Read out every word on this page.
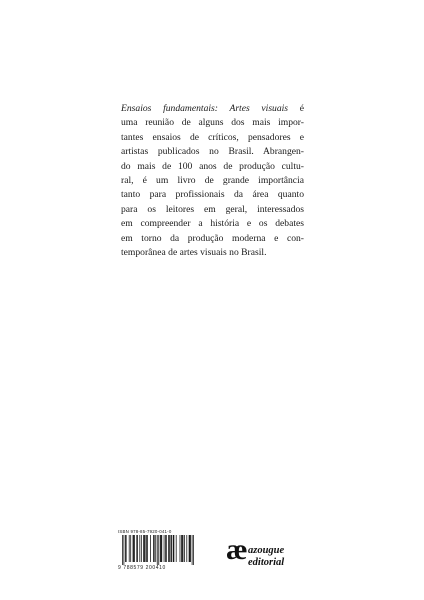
Ensaios fundamentais: Artes visuais é
uma reunião de alguns dos mais impor-
tantes ensaios de críticos, pensadores e
artistas publicados no Brasil. Abrangen-
do mais de 100 anos de produção cultu-
ral, é um livro de grande importância
tanto para profissionais da área quanto
para os leitores em geral, interessados
em compreender a história e os debates
em torno da produção moderna e con-
temporânea de artes visuais no Brasil.
ISBN 978-85-7920-041-0
9 788579 200410
æ azougue
editorial
